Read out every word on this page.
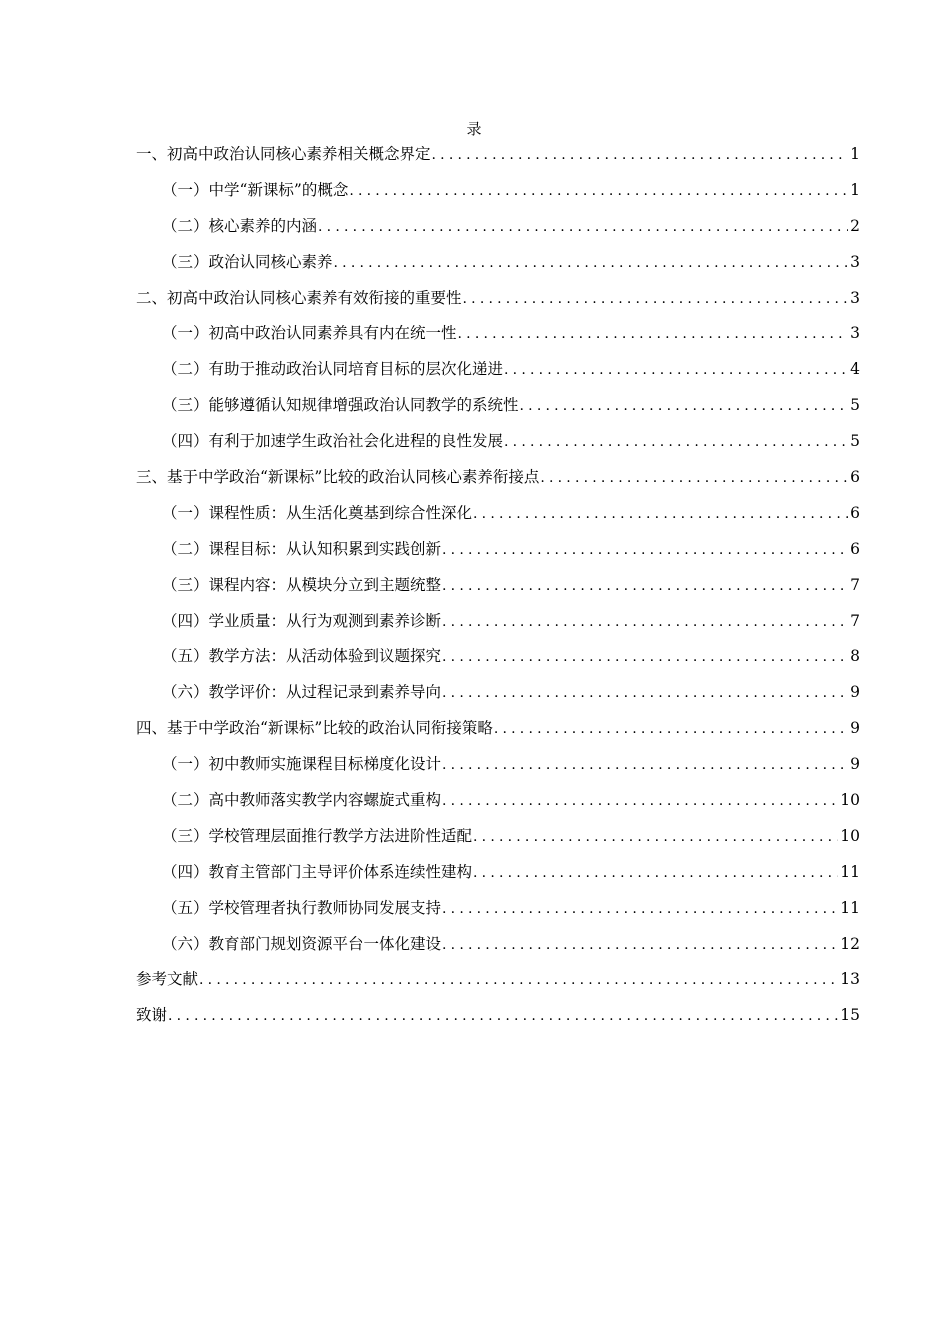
录
一、初高中政治认同核心素养相关概念界定 .....	1
（一）中学“新课标”的概念 .....	1
（二）核心素养的内涵 .....	2
（三）政治认同核心素养 .....	3
二、初高中政治认同核心素养有效衔接的重要性 .....	3
（一）初高中政治认同素养具有内在统一性 .....	3
（二）有助于推动政治认同培育目标的层次化递进 .....	4
（三）能够遵循认知规律增强政治认同教学的系统性 .....	5
（四）有利于加速学生政治社会化进程的良性发展 .....	5
三、基于中学政治“新课标”比较的政治认同核心素养衔接点 .....	6
（一）课程性质：从生活化奠基到综合性深化 .....	6
（二）课程目标：从认知积累到实践创新 .....	6
（三）课程内容：从模块分立到主题统整 .....	7
（四）学业质量：从行为观测到素养诊断 .....	7
（五）教学方法：从活动体验到议题探究 .....	8
（六）教学评价：从过程记录到素养导向 .....	9
四、基于中学政治“新课标”比较的政治认同衔接策略 .....	9
（一）初中教师实施课程目标梯度化设计 .....	9
（二）高中教师落实教学内容螺旋式重构 .....	10
（三）学校管理层面推行教学方法进阶性适配 .....	10
（四）教育主管部门主导评价体系连续性建构 .....	11
（五）学校管理者执行教师协同发展支持 .....	11
（六）教育部门规划资源平台一体化建设 .....	12
参考文献 .....	13
致谢 .....	15
